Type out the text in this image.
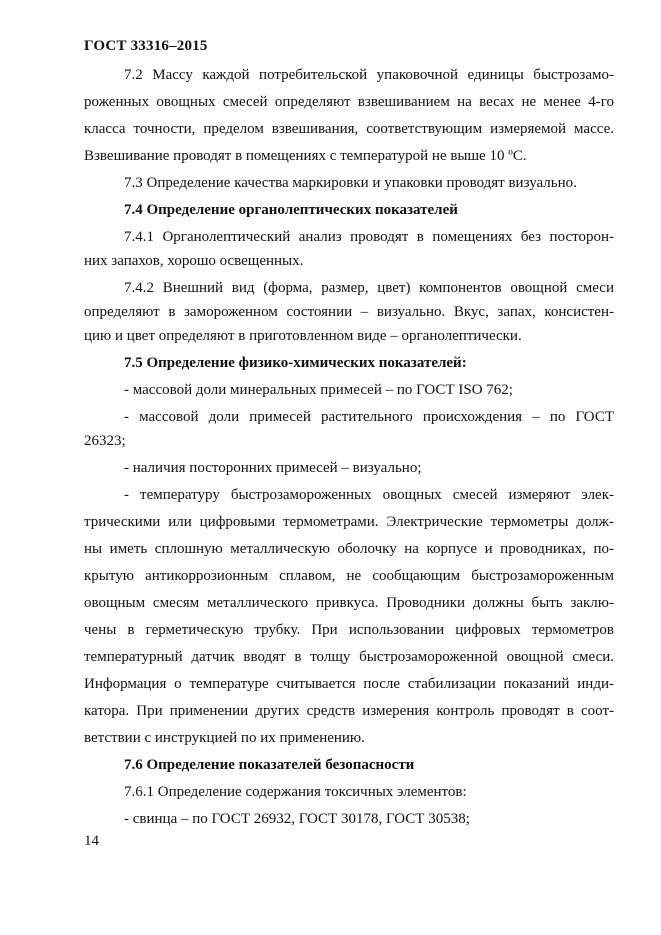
ГОСТ 33316–2015
7.2 Массу каждой потребительской упаковочной единицы быстрозамо-
роженных овощных смесей определяют взвешиванием на весах не менее 4-го
класса точности, пределом взвешивания, соответствующим измеряемой массе.
Взвешивание проводят в помещениях с температурой не выше 10 ºС.
7.3 Определение качества маркировки и упаковки проводят визуально.
7.4 Определение органолептических показателей
7.4.1 Органолептический анализ проводят в помещениях без посторон-
них запахов, хорошо освещенных.
7.4.2 Внешний вид (форма, размер, цвет) компонентов овощной смеси
определяют в замороженном состоянии – визуально. Вкус, запах, консистен-
цию и цвет определяют в приготовленном виде – органолептически.
7.5 Определение физико-химических показателей:
- массовой доли минеральных примесей – по ГОСТ ISO 762;
- массовой доли примесей растительного происхождения – по ГОСТ
26323;
- наличия посторонних примесей – визуально;
- температуру быстрозамороженных овощных смесей измеряют элек-
трическими или цифровыми термометрами. Электрические термометры долж-
ны иметь сплошную металлическую оболочку на корпусе и проводниках, по-
крытую антикоррозионным сплавом, не сообщающим быстрозамороженным
овощным смесям металлического привкуса. Проводники должны быть заклю-
чены в герметическую трубку. При использовании цифровых термометров
температурный датчик вводят в толщу быстрозамороженной овощной смеси.
Информация о температуре считывается после стабилизации показаний инди-
катора. При применении других средств измерения контроль проводят в соот-
ветствии с инструкцией по их применению.
7.6 Определение показателей безопасности
7.6.1 Определение содержания токсичных элементов:
- свинца – по ГОСТ 26932, ГОСТ 30178, ГОСТ 30538;
14
